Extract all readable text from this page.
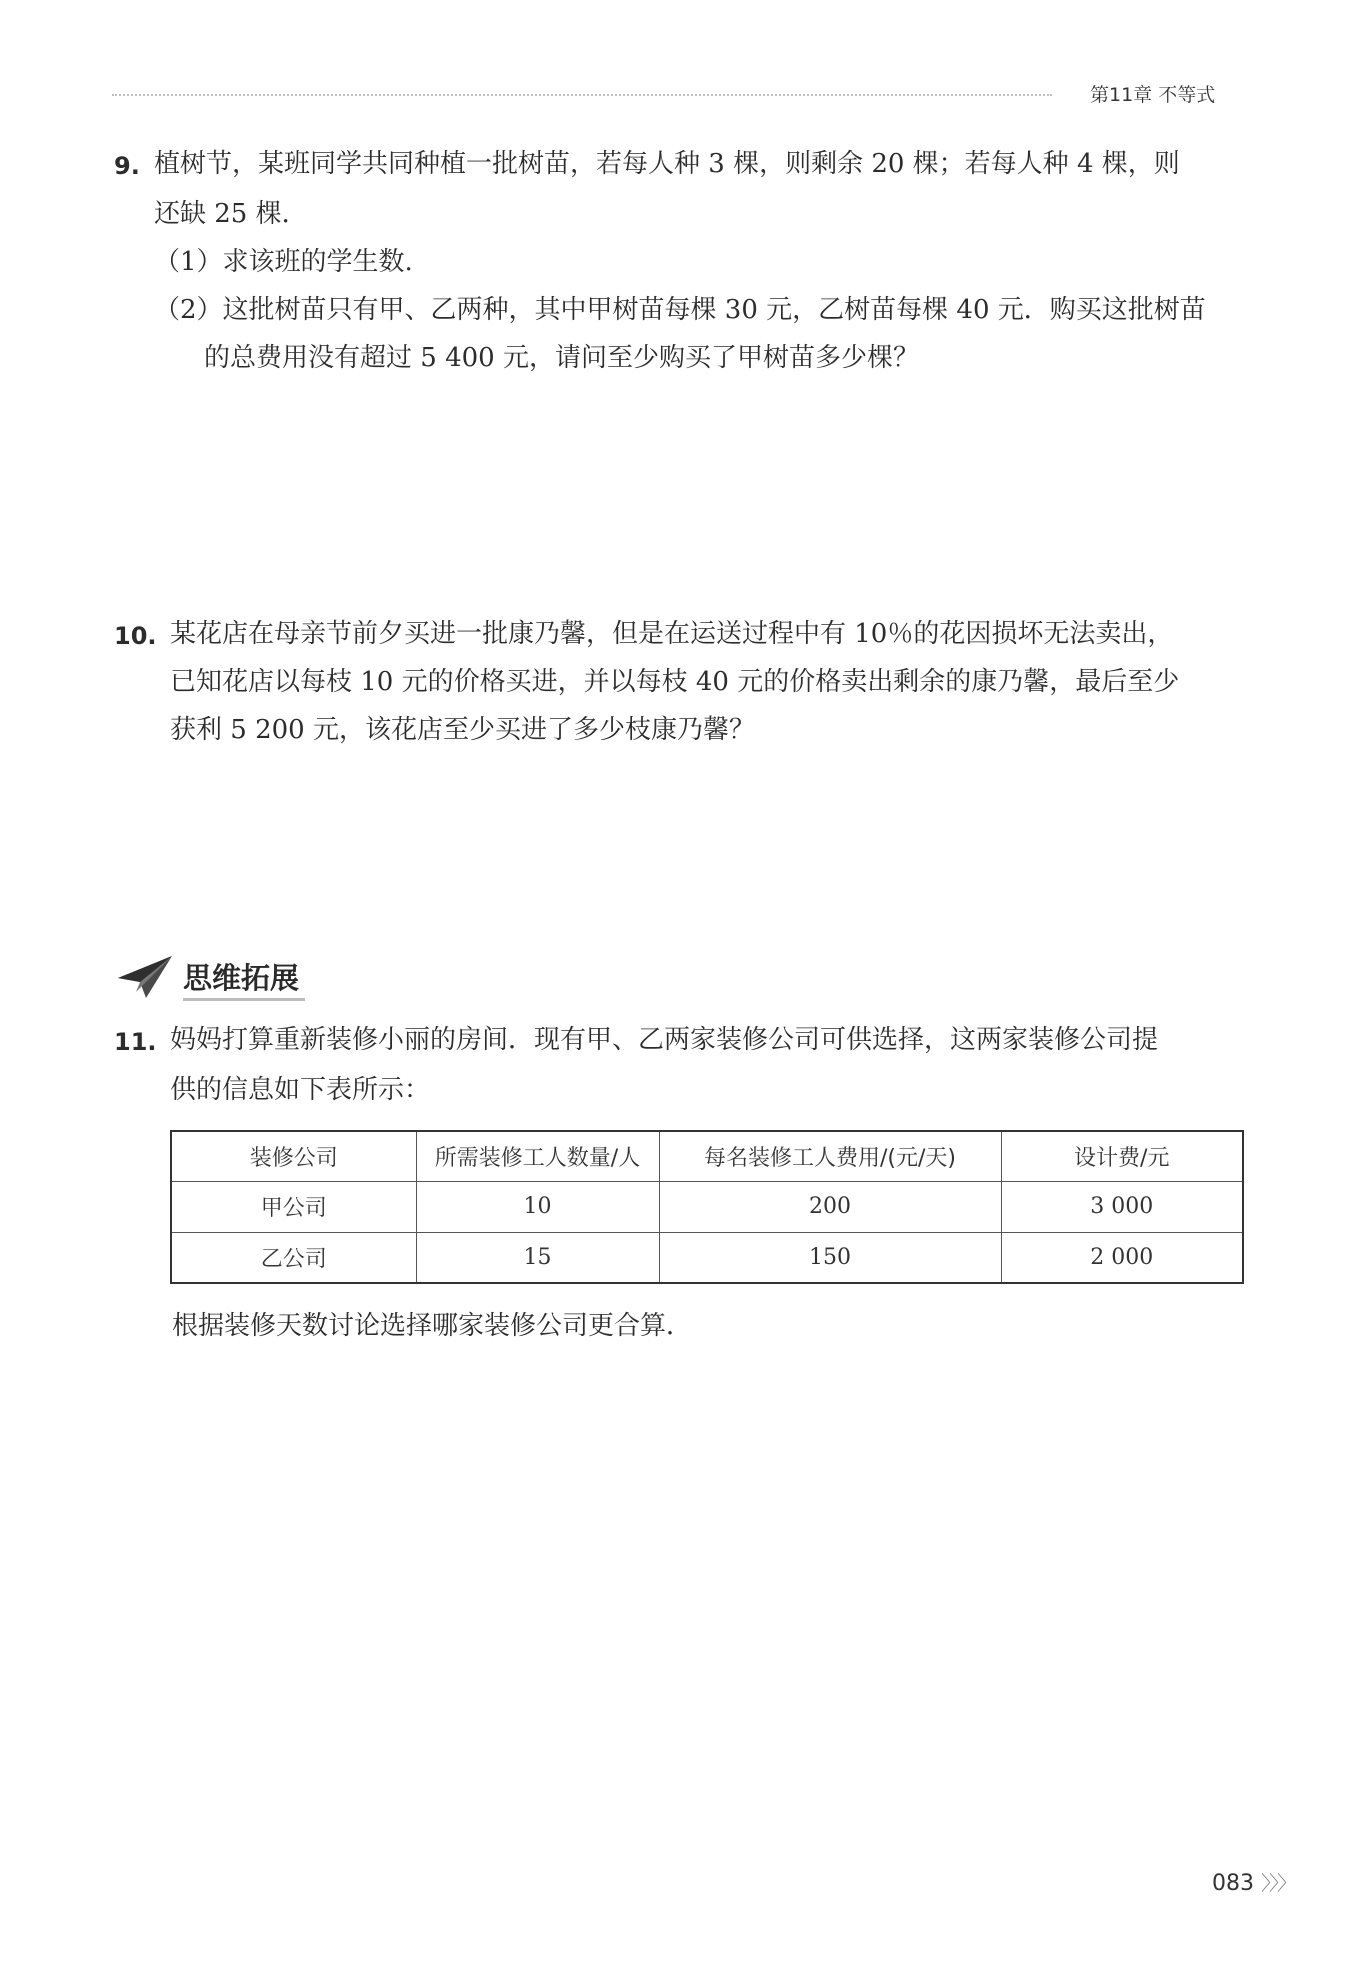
第11章 不等式
9. 植树节，某班同学共同种植一批树苗，若每人种 3 棵，则剩余 20 棵；若每人种 4 棵，则
还缺 25 棵．
（1）求该班的学生数.
（2）这批树苗只有甲、乙两种，其中甲树苗每棵 30 元，乙树苗每棵 40 元．购买这批树苗
的总费用没有超过 5 400 元，请问至少购买了甲树苗多少棵？
10. 某花店在母亲节前夕买进一批康乃馨，但是在运送过程中有 10％的花因损坏无法卖出，
已知花店以每枝 10 元的价格买进，并以每枝 40 元的价格卖出剩余的康乃馨，最后至少
获利 5 200 元，该花店至少买进了多少枝康乃馨？
思维拓展
11. 妈妈打算重新装修小丽的房间．现有甲、乙两家装修公司可供选择，这两家装修公司提
供的信息如下表所示：
装修公司	所需装修工人数量/人	每名装修工人费用/(元/天)	设计费/元
甲公司	10	200	3 000
乙公司	15	150	2 000
根据装修天数讨论选择哪家装修公司更合算．
083 〉〉〉
